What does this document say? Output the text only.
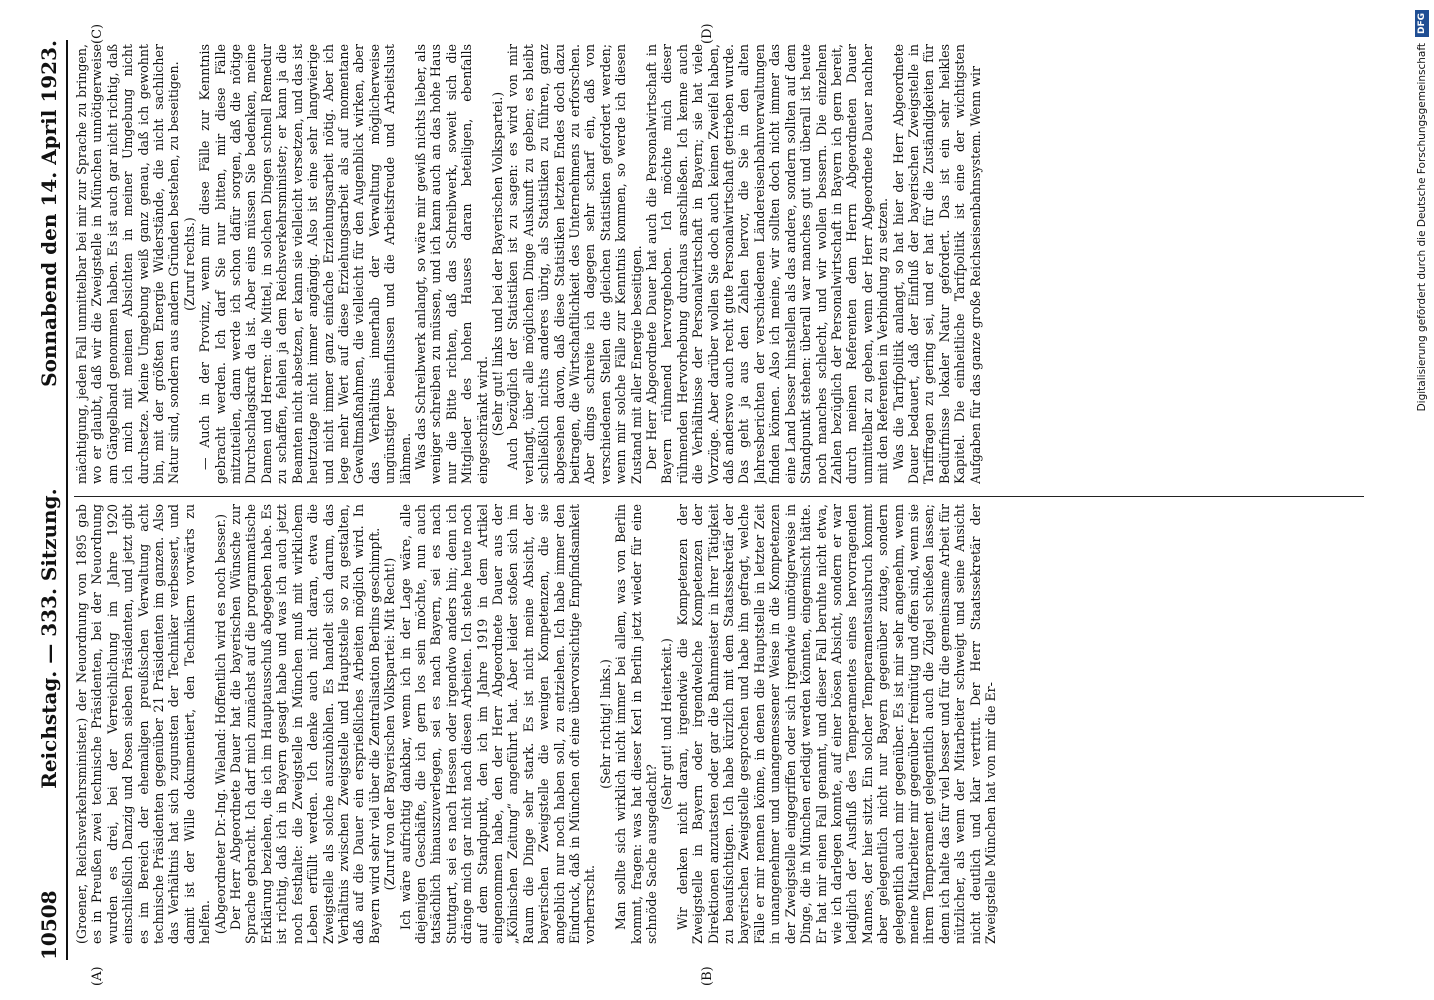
10508
Reichstag. — 333. Sitzung.
Sonnabend den 14. April 1923.
(A)	(B)
(C)	(D)

(Groener, Reichsverkehrsminister.) der Neuordnung von 1895 gab es in Preußen zwei technische Präsidenten, bei der Neuordnung wurden es drei, bei der Verreichlichung im Jahre 1920 einschließlich Danzig und Posen sieben Präsidenten, und jetzt gibt es im Bereich der ehemaligen preußischen Verwaltung acht technische Präsidenten gegenüber 21 Präsidenten im ganzen. Also das Verhältnis hat sich zugunsten der Techniker verbessert, und damit ist der Wille dokumentiert, den Technikern vorwärts zu helfen. (Abgeordneter Dr.-Ing. Wieland: Hoffentlich wird es noch besser.) Der Herr Abgeordnete Dauer hat die bayerischen Wünsche zur Sprache gebracht. Ich darf mich zunächst auf die programmatische Erklärung beziehen, die ich im Hauptausschuß abgegeben habe. Es ist richtig, daß ich in Bayern gesagt habe und was ich auch jetzt noch festhalte: die Zweigstelle in München muß mit wirklichem Leben erfüllt werden. Ich denke auch nicht daran, etwa die Zweigstelle als solche auszuhöhlen. Es handelt sich darum, das Verhältnis zwischen Zweigstelle und Hauptstelle so zu gestalten, daß auf die Dauer ein ersprießliches Arbeiten möglich wird. In Bayern wird sehr viel über die Zentralisation Berlins geschimpft. (Zuruf von der Bayerischen Volkspartei: Mit Recht!) Ich wäre aufrichtig dankbar, wenn ich in der Lage wäre, alle diejenigen Geschäfte, die ich gern los sein möchte, nun auch tatsächlich hinauszuverlegen, sei es nach Bayern, sei es nach Stuttgart, sei es nach Hessen oder irgendwo anders hin; denn ich dränge mich gar nicht nach diesen Arbeiten. Ich stehe heute noch auf dem Standpunkt, den ich im Jahre 1919 in dem Artikel eingenommen habe, den der Herr Abgeordnete Dauer aus der „Kölnischen Zeitung“ angeführt hat. Aber leider stoßen sich im Raum die Dinge sehr stark. Es ist nicht meine Absicht, der bayerischen Zweigstelle die wenigen Kompetenzen, die sie angeblich nur noch haben soll, zu entziehen. Ich habe immer den Eindruck, daß in München oft eine übervorsichtige Empfindsamkeit vorherrscht.

(Sehr richtig! links.) Man sollte sich wirklich nicht immer bei allem, was von Berlin kommt, fragen: was hat dieser Kerl in Berlin jetzt wieder für eine schnöde Sache ausgedacht?

(Sehr gut! und Heiterkeit.) Wir denken nicht daran, irgendwie die Kompetenzen der Zweigstelle in Bayern oder irgendwelche Kompetenzen der Direktionen anzutasten oder gar die Bahnmeister in ihrer Tätigkeit zu beaufsichtigen. Ich habe kürzlich mit dem Staatssekretär der bayerischen Zweigstelle gesprochen und habe ihn gefragt, welche Fälle er mir nennen könne, in denen die Hauptstelle in letzter Zeit in unangenehmer und unangemessener Weise in die Kompetenzen der Zweigstelle eingegriffen oder sich irgendwie unnötigerweise in Dinge, die in München erledigt werden könnten, eingemischt hätte. Er hat mir einen Fall genannt, und dieser Fall beruhte nicht etwa, wie ich darlegen konnte, auf einer bösen Absicht, sondern er war lediglich der Ausfluß des Temperamentes eines hervorragenden Mannes, der hier sitzt. Ein solcher Temperamentsausbruch kommt aber gelegentlich nicht nur Bayern gegenüber zutage, sondern gelegentlich auch mir gegenüber. Es ist mir sehr angenehm, wenn meine Mitarbeiter mir gegenüber freimütig und offen sind, wenn sie ihrem Temperament gelegentlich auch die Zügel schießen lassen; denn ich halte das für viel besser und für die gemeinsame Arbeit für nützlicher, als wenn der Mitarbeiter schweigt und seine Ansicht nicht deutlich und klar vertritt. Der Herr Staatssekretär der Zweigstelle München hat von mir die Er-

mächtigung, jeden Fall unmittelbar bei mir zur Sprache zu bringen, wo er glaubt, daß wir die Zweigstelle in München unnötigerweise am Gängelband genommen haben. Es ist auch gar nicht richtig, daß ich mich mit meinen Absichten in meiner Umgebung nicht durchsetze. Meine Umgebung weiß ganz genau, daß ich gewohnt bin, mit der größten Energie Widerstände, die nicht sachlicher Natur sind, sondern aus andern Gründen bestehen, zu beseitigen. (Zuruf rechts.) — Auch in der Provinz, wenn mir diese Fälle zur Kenntnis gebracht werden. Ich darf Sie nur bitten, mir diese Fälle mitzuteilen, dann werde ich schon dafür sorgen, daß die nötige Durchschlagskraft da ist. Aber eins müssen Sie bedenken, meine Damen und Herren: die Mittel, in solchen Dingen schnell Remedur zu schaffen, fehlen ja dem Reichsverkehrsminister; er kann ja die Beamten nicht absetzen, er kann sie vielleicht versetzen, und das ist heutzutage nicht immer angängig. Also ist eine sehr langwierige und nicht immer ganz einfache Erziehungsarbeit nötig. Aber ich lege mehr Wert auf diese Erziehungsarbeit als auf momentane Gewaltmaßnahmen, die vielleicht für den Augenblick wirken, aber das Verhältnis innerhalb der Verwaltung möglicherweise ungünstiger beeinflussen und die Arbeitsfreude und Arbeitslust lähmen. Was das Schreibwerk anlangt, so wäre mir gewiß nichts lieber, als weniger schreiben zu müssen, und ich kann auch an das hohe Haus nur die Bitte richten, daß das Schreibwerk, soweit sich die Mitglieder des hohen Hauses daran beteiligen, ebenfalls eingeschränkt wird. (Sehr gut! links und bei der Bayerischen Volkspartei.) Auch bezüglich der Statistiken ist zu sagen: es wird von mir verlangt, über alle möglichen Dinge Auskunft zu geben; es bleibt schließlich nichts anderes übrig, als Statistiken zu führen, ganz abgesehen davon, daß diese Statistiken letzten Endes doch dazu beitragen, die Wirtschaftlichkeit des Unternehmens zu erforschen. Aber dings schreite ich dagegen sehr scharf ein, daß von verschiedenen Stellen die gleichen Statistiken gefordert werden; wenn mir solche Fälle zur Kenntnis kommen, so werde ich diesen Zustand mit aller Energie beseitigen. Der Herr Abgeordnete Dauer hat auch die Personalwirtschaft in Bayern rühmend hervorgehoben. Ich möchte mich dieser rühmenden Hervorhebung durchaus anschließen. Ich kenne auch die Verhältnisse der Personalwirtschaft in Bayern; sie hat viele Vorzüge. Aber darüber wollen Sie doch auch keinen Zweifel haben, daß anderswo auch recht gute Personalwirtschaft getrieben wurde. Das geht ja aus den Zahlen hervor, die Sie in den alten Jahresberichten der verschiedenen Ländereisenbahnverwaltungen finden können. Also ich meine, wir sollten doch nicht immer das eine Land besser hinstellen als das andere, sondern sollten auf dem Standpunkt stehen: überall war manches gut und überall ist heute noch manches schlecht, und wir wollen bessern. Die einzelnen Zahlen bezüglich der Personalwirtschaft in Bayern ich gern bereit, durch meinen Referenten dem Herrn Abgeordneten Dauer unmittelbar zu geben, wenn der Herr Abgeordnete Dauer nachher mit den Referenten in Verbindung zu setzen. Was die Tarifpolitik anlangt, so hat hier der Herr Abgeordnete Dauer bedauert, daß der Einfluß der bayerischen Zweigstelle in Tariffragen zu gering sei, und er hat für die Zuständigkeiten für Bedürfnisse lokaler Natur gefordert. Das ist ein sehr heikles Kapitel. Die einheitliche Tarifpolitik ist eine der wichtigsten Aufgaben für das ganze große Reichseisenbahnsystem. Wenn wir	Digitalisierung gefördert durch die Deutsche Forschungsgemeinschaft
DFG
